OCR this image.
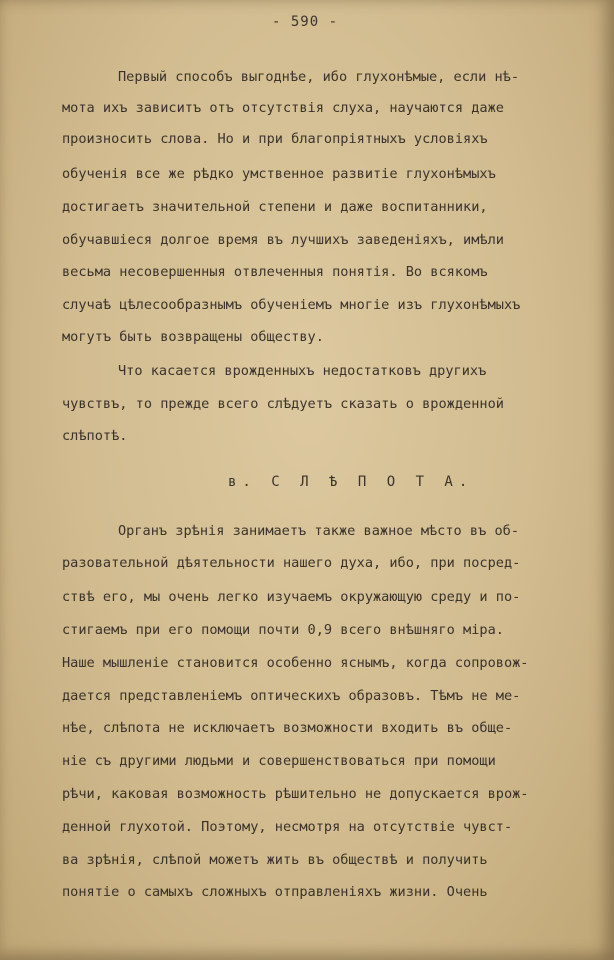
- 590 -
Первый способъ выгоднѣе, ибо глухонѣмые, если нѣ-
мота ихъ зависитъ отъ отсутствія слуха, научаются даже
произносить слова. Но и при благопріятныхъ условіяхъ
обученія все же рѣдко умственное развитіе глухонѣмыхъ
достигаетъ значительной степени и даже воспитанники,
обучавшіеся долгое время въ лучшихъ заведеніяхъ, имѣли
весьма несовершенныя отвлеченныя понятія. Во всякомъ
случаѣ цѣлесообразнымъ обученіемъ многіе изъ глухонѣмыхъ
могутъ быть возвращены обществу.
Что касается врожденныхъ недостатковъ другихъ
чувствъ, то прежде всего слѣдуетъ сказать о врожденной
слѣпотѣ.
в. С Л Ѣ П О Т А.
Органъ зрѣнія занимаетъ также важное мѣсто въ об-
разовательной дѣятельности нашего духа, ибо, при посред-
ствѣ его, мы очень легко изучаемъ окружающую среду и по-
стигаемъ при его помощи почти 0,9 всего внѣшняго міра.
Наше мышленіе становится особенно яснымъ, когда сопровож-
дается представленіемъ оптическихъ образовъ. Тѣмъ не ме-
нѣе, слѣпота не исключаетъ возможности входить въ обще-
ніе съ другими людьми и совершенствоваться при помощи
рѣчи, каковая возможность рѣшительно не допускается врож-
денной глухотой. Поэтому, несмотря на отсутствіе чувст-
ва зрѣнія, слѣпой можетъ жить въ обществѣ и получить
понятіе о самыхъ сложныхъ отправленіяхъ жизни. Очень
